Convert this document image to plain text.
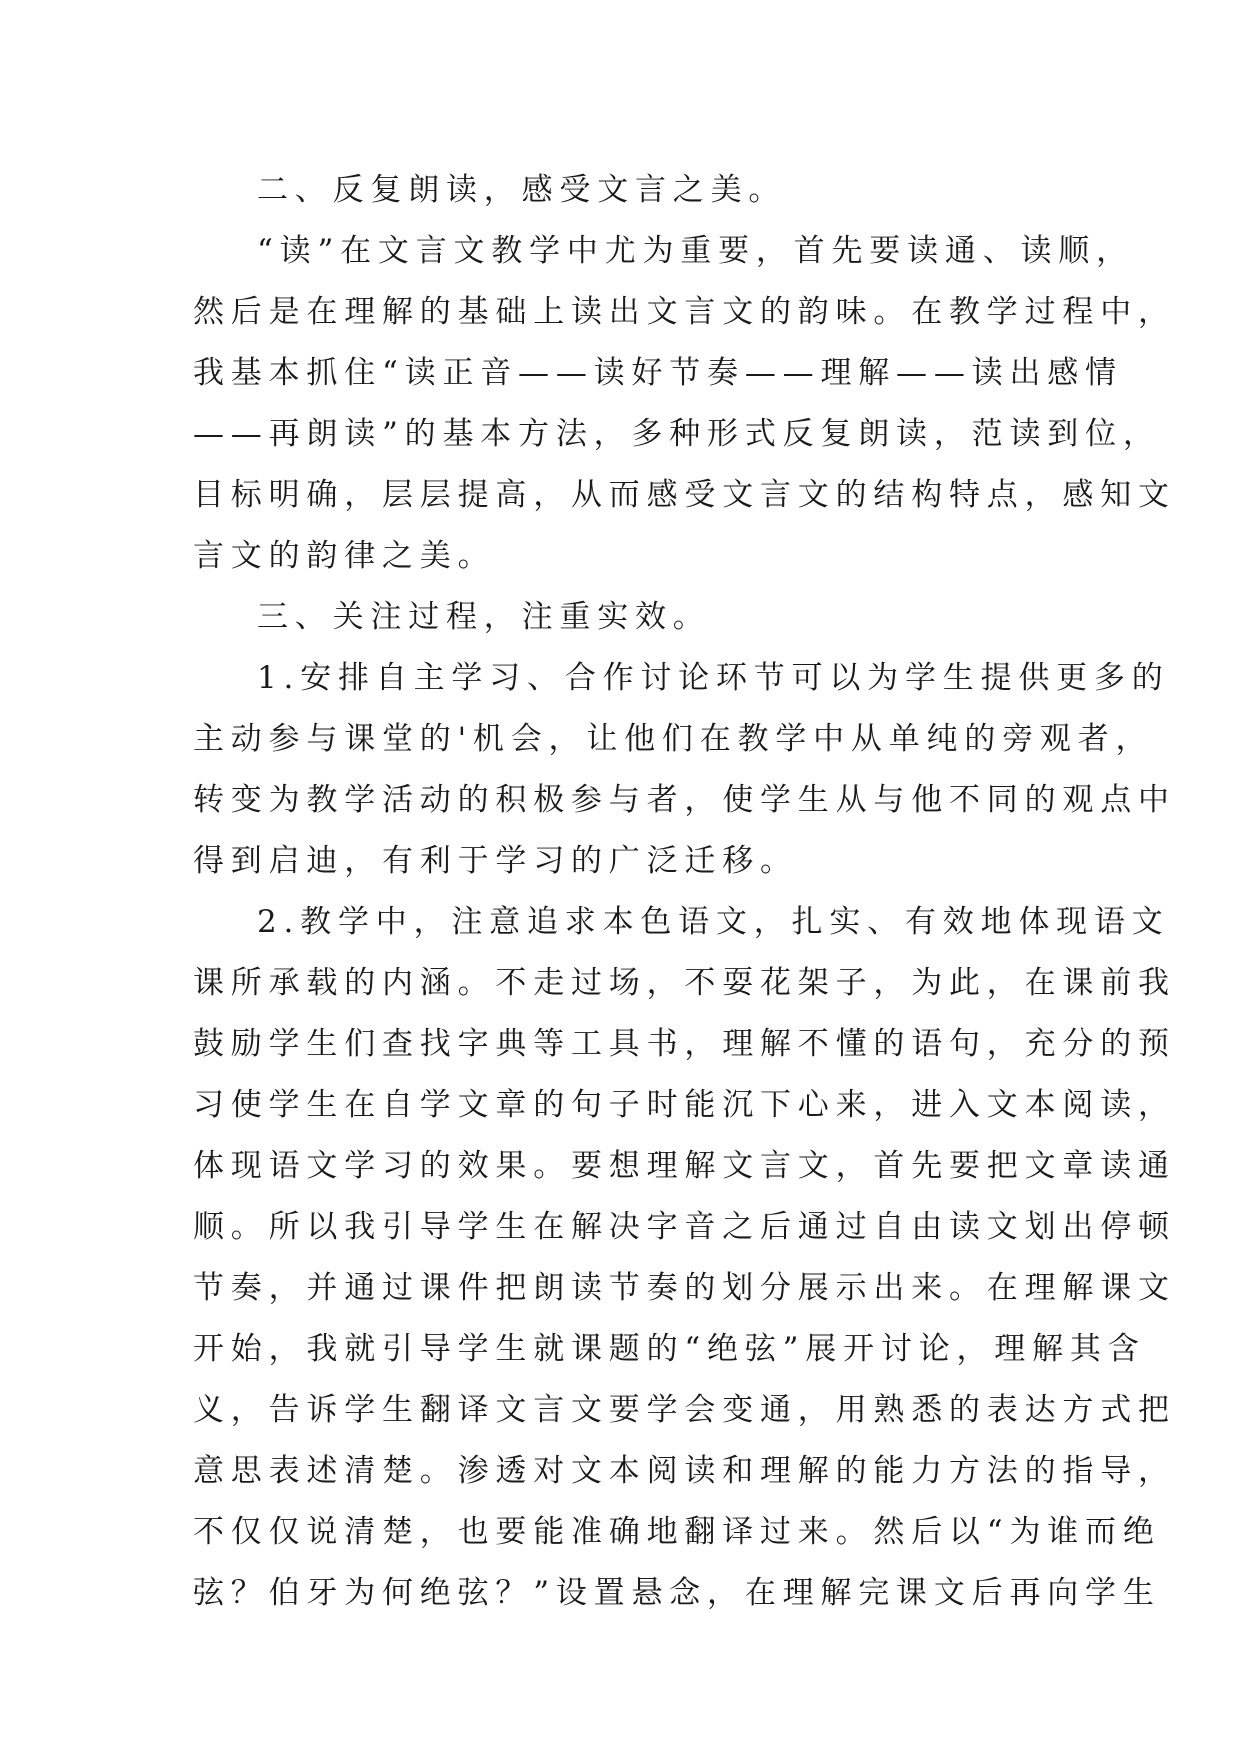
二、反复朗读，感受文言之美。
“读”在文言文教学中尤为重要，首先要读通、读顺，
然后是在理解的基础上读出文言文的韵味。在教学过程中，
我基本抓住“读正音——读好节奏——理解——读出感情
——再朗读”的基本方法，多种形式反复朗读，范读到位，
目标明确，层层提高，从而感受文言文的结构特点，感知文
言文的韵律之美。
三、关注过程，注重实效。
1.安排自主学习、合作讨论环节可以为学生提供更多的
主动参与课堂的'机会，让他们在教学中从单纯的旁观者，
转变为教学活动的积极参与者，使学生从与他不同的观点中
得到启迪，有利于学习的广泛迁移。
2.教学中，注意追求本色语文，扎实、有效地体现语文
课所承载的内涵。不走过场，不耍花架子，为此，在课前我
鼓励学生们查找字典等工具书，理解不懂的语句，充分的预
习使学生在自学文章的句子时能沉下心来，进入文本阅读，
体现语文学习的效果。要想理解文言文，首先要把文章读通
顺。所以我引导学生在解决字音之后通过自由读文划出停顿
节奏，并通过课件把朗读节奏的划分展示出来。在理解课文
开始，我就引导学生就课题的“绝弦”展开讨论，理解其含
义，告诉学生翻译文言文要学会变通，用熟悉的表达方式把
意思表述清楚。渗透对文本阅读和理解的能力方法的指导，
不仅仅说清楚，也要能准确地翻译过来。然后以“为谁而绝
弦？伯牙为何绝弦？”设置悬念，在理解完课文后再向学生
